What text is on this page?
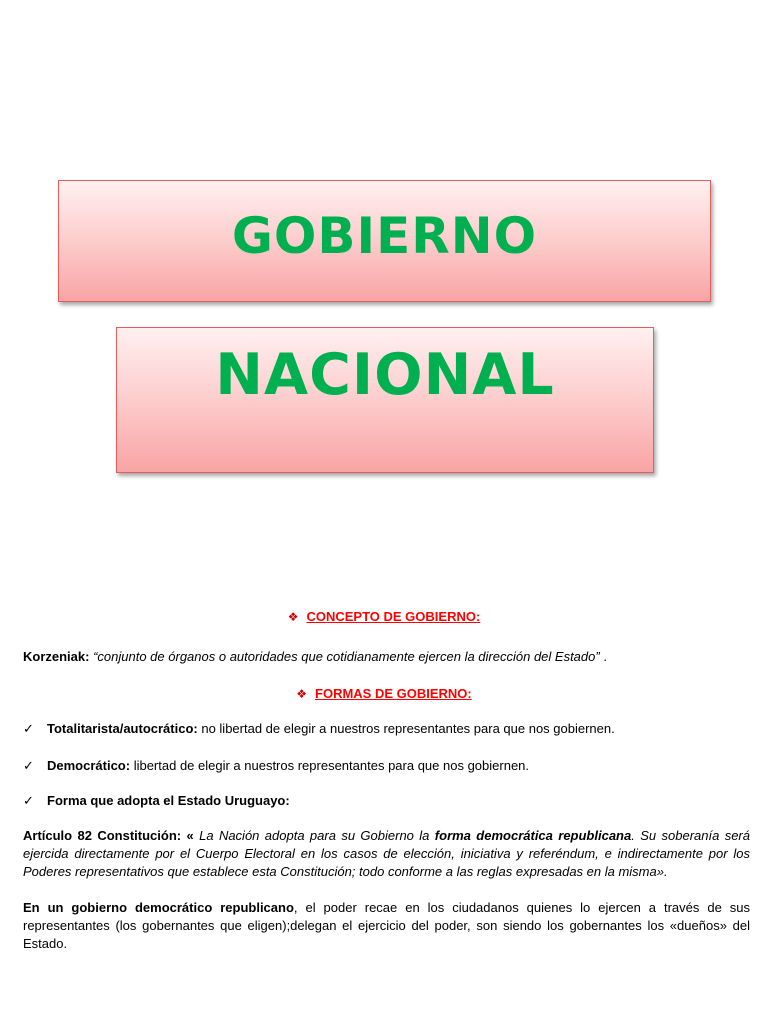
GOBIERNO
NACIONAL
❖ CONCEPTO DE GOBIERNO:
Korzeniak: “conjunto de órganos o autoridades que cotidianamente ejercen la dirección del Estado” .
❖ FORMAS DE GOBIERNO:
✓ Totalitarista/autocrático: no libertad de elegir a nuestros representantes para que nos gobiernen.
✓ Democrático: libertad de elegir a nuestros representantes para que nos gobiernen.
✓ Forma que adopta el Estado Uruguayo:
Artículo 82 Constitución: « La Nación adopta para su Gobierno la forma democrática republicana. Su soberanía será ejercida directamente por el Cuerpo Electoral en los casos de elección, iniciativa y referéndum, e indirectamente por los Poderes representativos que establece esta Constitución; todo conforme a las reglas expresadas en la misma».
En un gobierno democrático republicano, el poder recae en los ciudadanos quienes lo ejercen a través de sus representantes (los gobernantes que eligen);delegan el ejercicio del poder, son siendo los gobernantes los «dueños» del Estado.
